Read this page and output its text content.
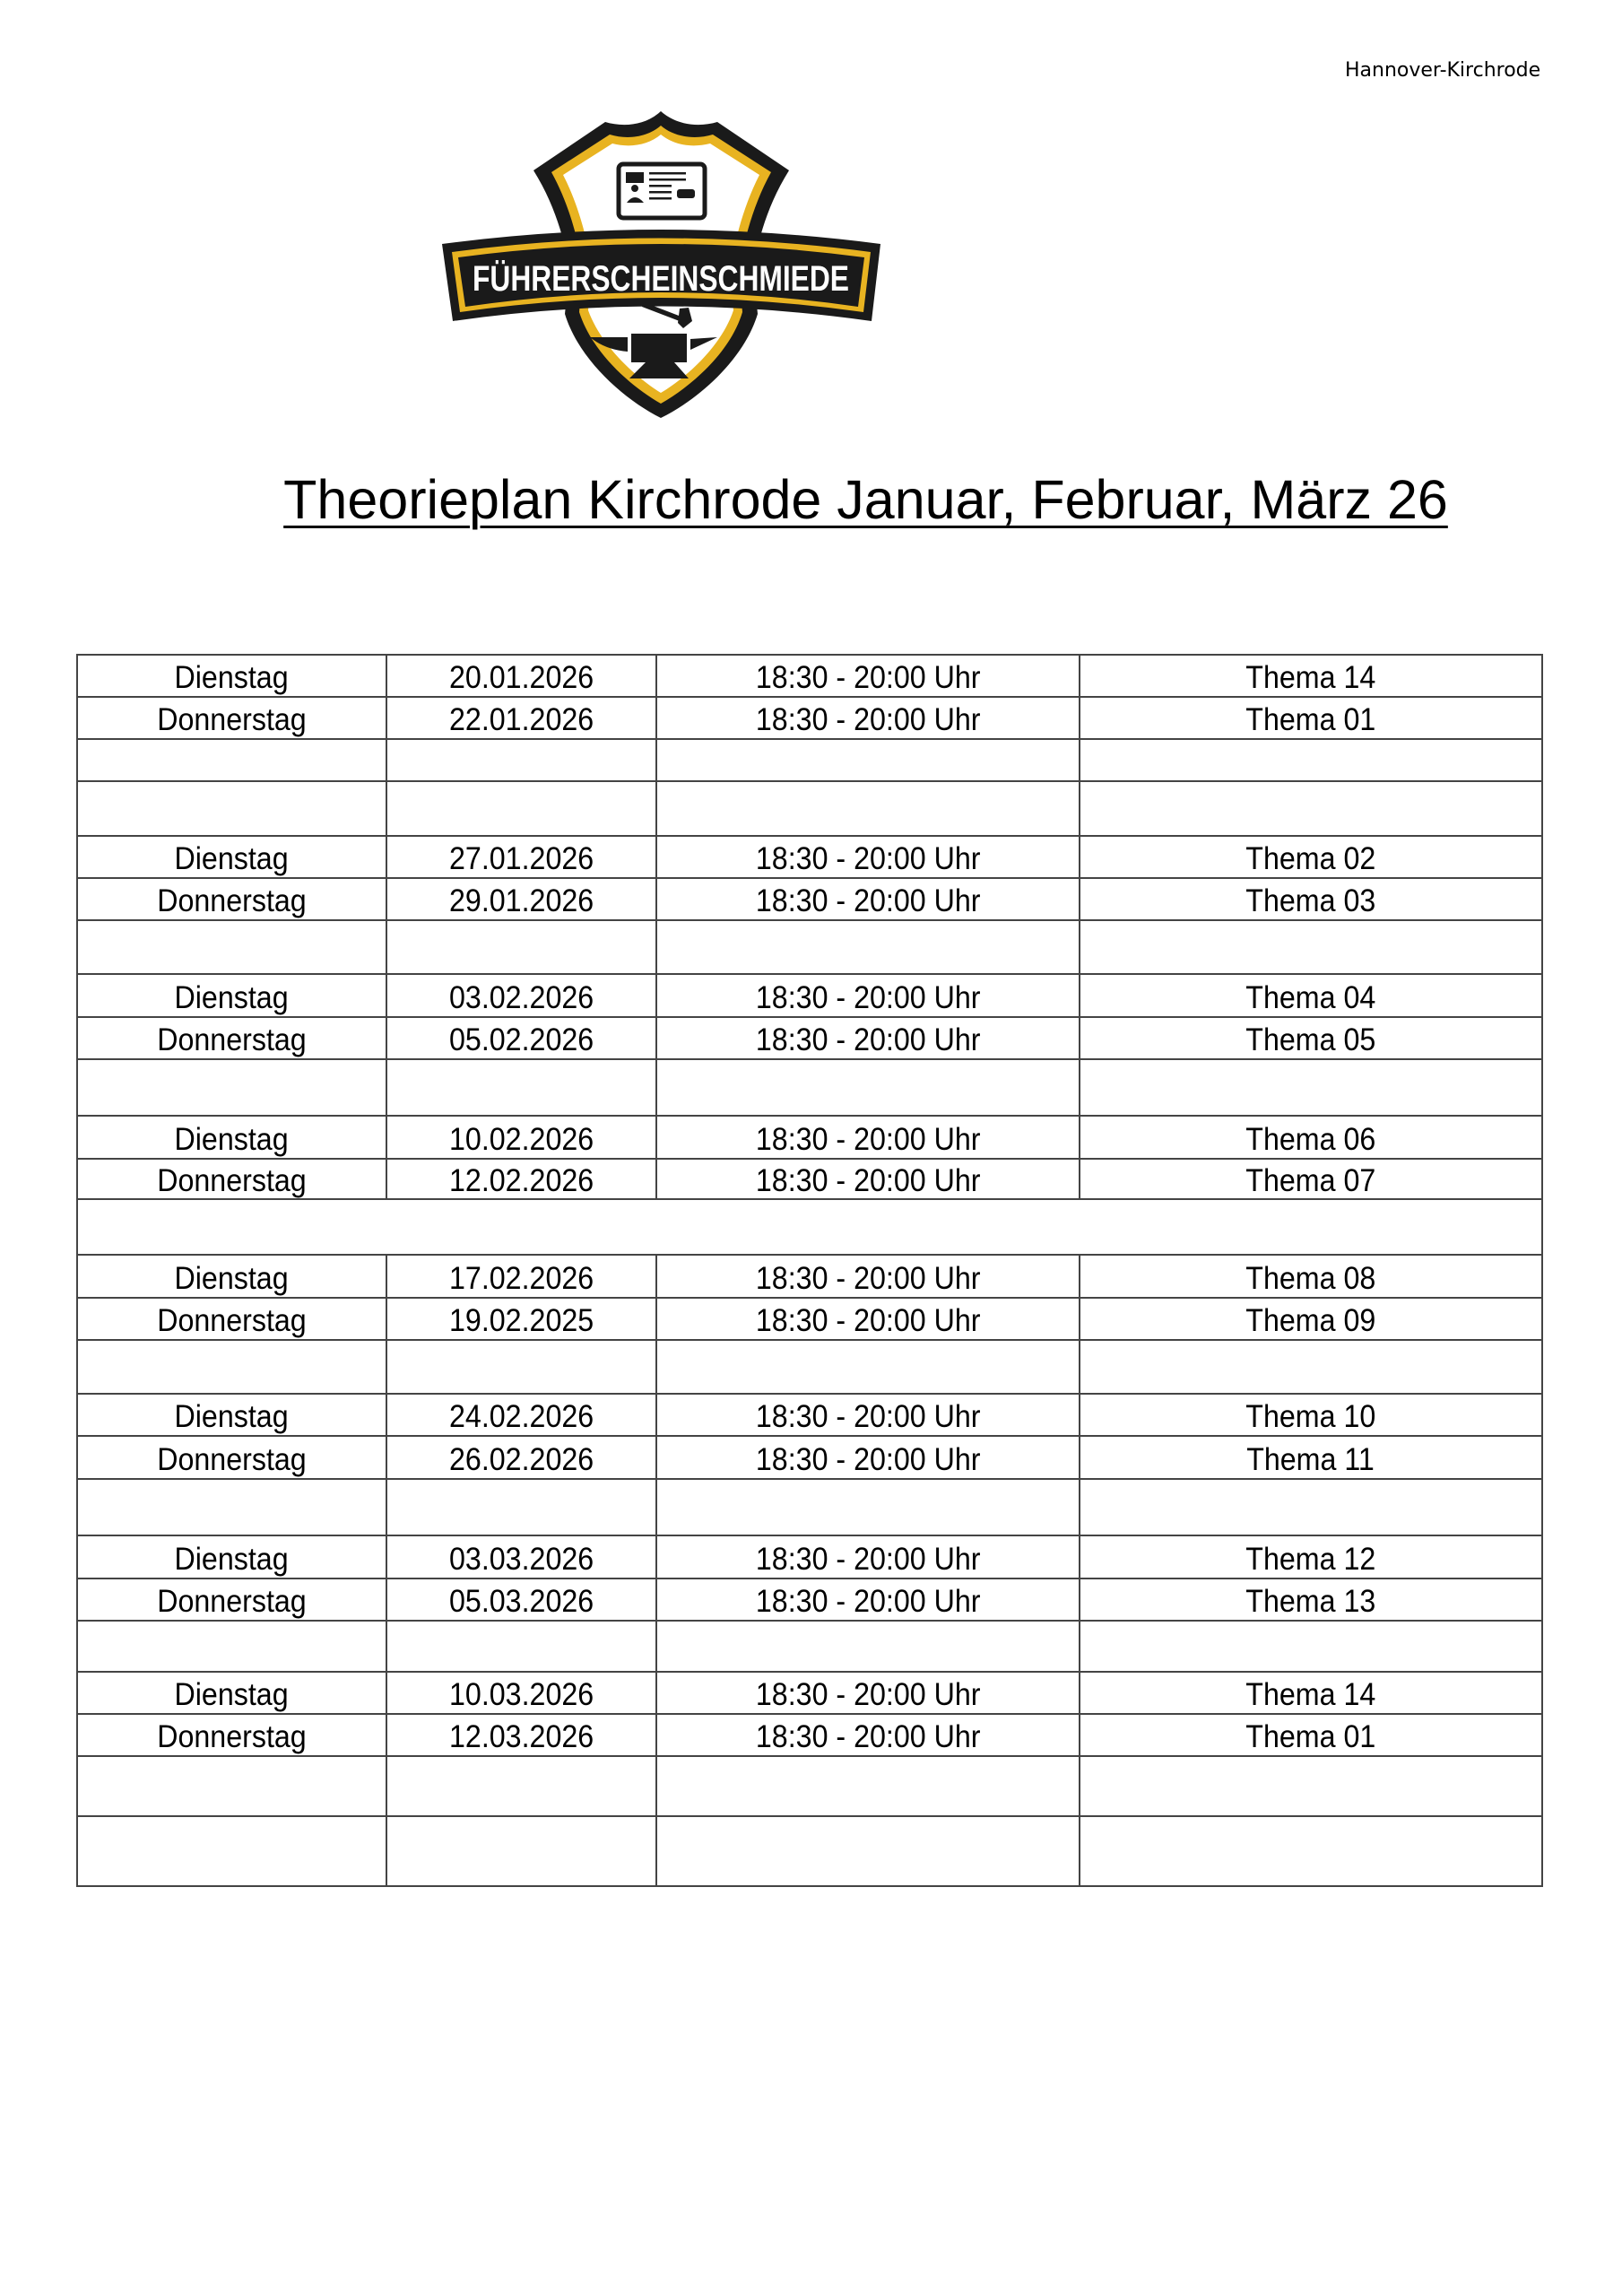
Hannover-Kirchrode
FÜHRERSCHEINSCHMIEDE
Theorieplan Kirchrode Januar, Februar, März 26
Dienstag	20.01.2026	18:30 - 20:00 Uhr	Thema 14
Donnerstag	22.01.2026	18:30 - 20:00 Uhr	Thema 01

Dienstag	27.01.2026	18:30 - 20:00 Uhr	Thema 02
Donnerstag	29.01.2026	18:30 - 20:00 Uhr	Thema 03

Dienstag	03.02.2026	18:30 - 20:00 Uhr	Thema 04
Donnerstag	05.02.2026	18:30 - 20:00 Uhr	Thema 05

Dienstag	10.02.2026	18:30 - 20:00 Uhr	Thema 06
Donnerstag	12.02.2026	18:30 - 20:00 Uhr	Thema 07

Dienstag	17.02.2026	18:30 - 20:00 Uhr	Thema 08
Donnerstag	19.02.2025	18:30 - 20:00 Uhr	Thema 09

Dienstag	24.02.2026	18:30 - 20:00 Uhr	Thema 10
Donnerstag	26.02.2026	18:30 - 20:00 Uhr	Thema 11

Dienstag	03.03.2026	18:30 - 20:00 Uhr	Thema 12
Donnerstag	05.03.2026	18:30 - 20:00 Uhr	Thema 13

Dienstag	10.03.2026	18:30 - 20:00 Uhr	Thema 14
Donnerstag	12.03.2026	18:30 - 20:00 Uhr	Thema 01
